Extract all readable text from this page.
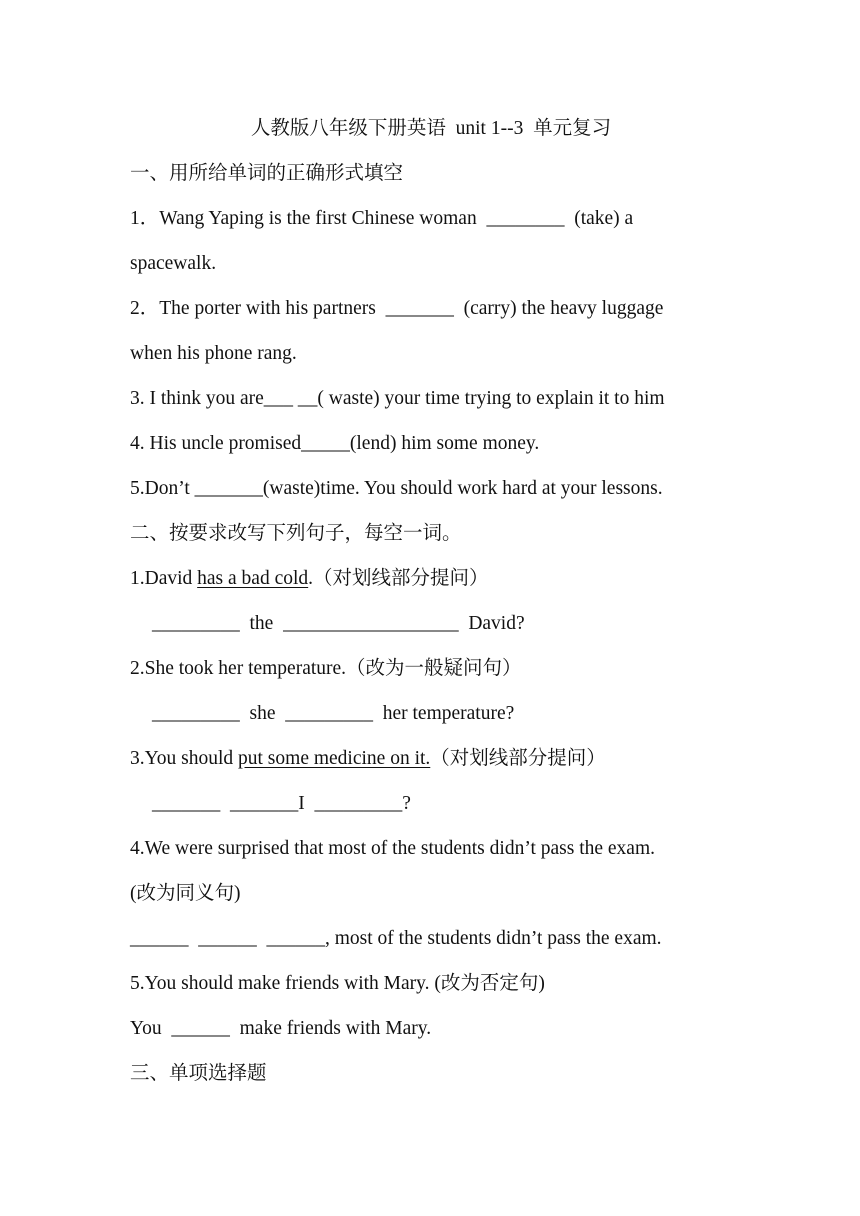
人教版八年级下册英语  unit 1--3  单元复习
一、用所给单词的正确形式填空
1．Wang Yaping is the first Chinese woman  ________  (take) a
spacewalk.
2．The porter with his partners  _______  (carry) the heavy luggage
when his phone rang.
3. I think you are___ __( waste) your time trying to explain it to him
4. His uncle promised_____(lend) him some money.
5.Don’t _______(waste)time. You should work hard at your lessons.
二、按要求改写下列句子，每空一词。
1.David has a bad cold.（对划线部分提问）
_________  the  __________________  David?
2.She took her temperature.（改为一般疑问句）
_________  she  _________  her temperature?
3.You should put some medicine on it.（对划线部分提问）
_______  _______I  _________?
4.We were surprised that most of the students didn’t pass the exam.
(改为同义句)
______  ______  ______, most of the students didn’t pass the exam.
5.You should make friends with Mary. (改为否定句)
You  ______  make friends with Mary.
三、单项选择题
